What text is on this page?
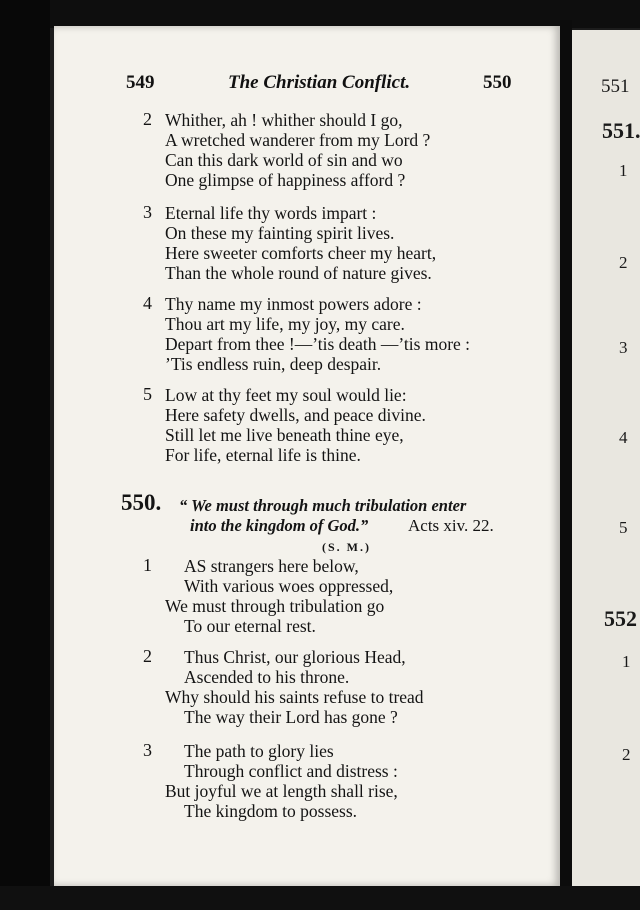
549	The Christian Conflict.	550
2 Whither, ah ! whither should I go,
A wretched wanderer from my Lord ?
Can this dark world of sin and wo
One glimpse of happiness afford ?
3 Eternal life thy words impart :
On these my fainting spirit lives.
Here sweeter comforts cheer my heart,
Than the whole round of nature gives.
4 Thy name my inmost powers adore :
Thou art my life, my joy, my care.
Depart from thee !—’tis death —’tis more :
’Tis endless ruin, deep despair.
5 Low at thy feet my soul would lie:
Here safety dwells, and peace divine.
Still let me live beneath thine eye,
For life, eternal life is thine.
550. “ We must through much tribulation enter
into the kingdom of God.” Acts xiv. 22.
(S. M.)
1 AS strangers here below,
With various woes oppressed,
We must through tribulation go
To our eternal rest.
2 Thus Christ, our glorious Head,
Ascended to his throne.
Why should his saints refuse to tread
The way their Lord has gone ?
3 The path to glory lies
Through conflict and distress :
But joyful we at length shall rise,
The kingdom to possess.
551
551.
1
2
3
4
5
552
1
2
